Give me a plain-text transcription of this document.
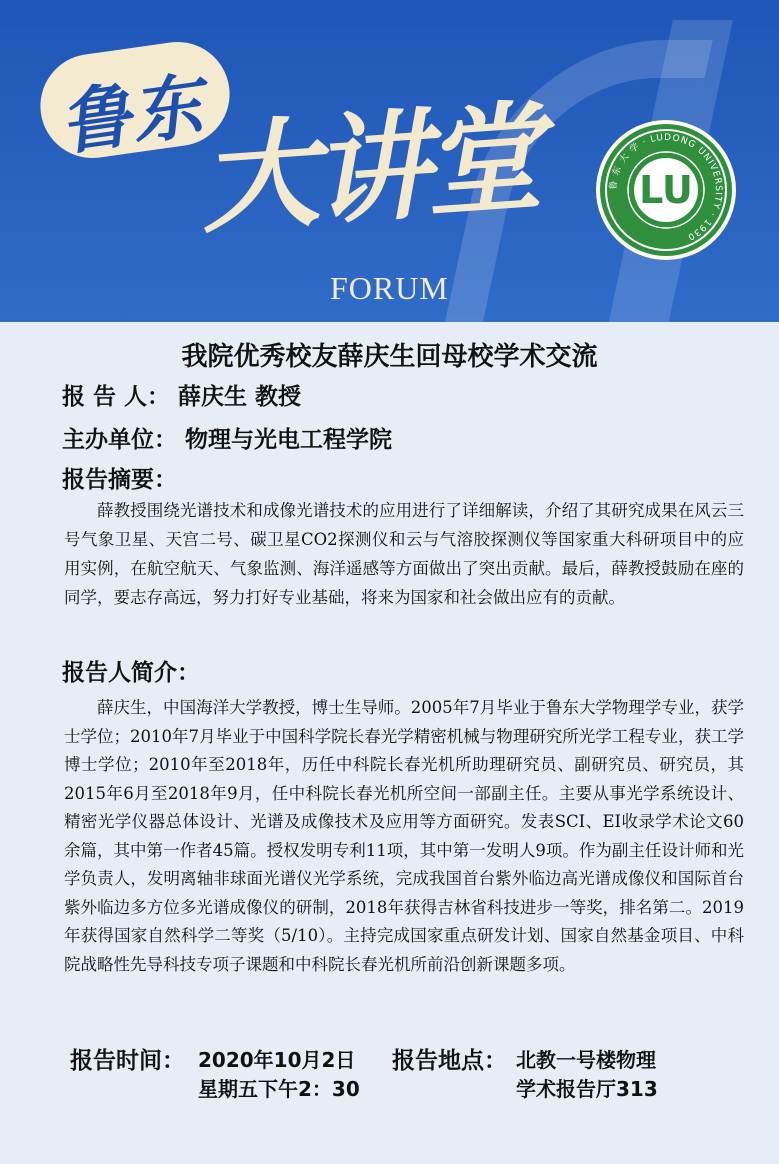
鲁东
大讲堂
FORUM
鲁 东 大 学 · LUDONG UNIVERSITY · 1930
LU
我院优秀校友薛庆生回母校学术交流
报 告 人： 薛庆生 教授
主办单位： 物理与光电工程学院
报告摘要：
薛教授围绕光谱技术和成像光谱技术的应用进行了详细解读，介绍了其研究成果在风云三号气象卫星、天宫二号、碳卫星CO2探测仪和云与气溶胶探测仪等国家重大科研项目中的应用实例，在航空航天、气象监测、海洋遥感等方面做出了突出贡献。最后，薛教授鼓励在座的同学，要志存高远，努力打好专业基础，将来为国家和社会做出应有的贡献。
报告人简介：
薛庆生，中国海洋大学教授，博士生导师。2005年7月毕业于鲁东大学物理学专业，获学士学位；2010年7月毕业于中国科学院长春光学精密机械与物理研究所光学工程专业，获工学博士学位；2010年至2018年，历任中科院长春光机所助理研究员、副研究员、研究员，其2015年6月至2018年9月，任中科院长春光机所空间一部副主任。主要从事光学系统设计、精密光学仪器总体设计、光谱及成像技术及应用等方面研究。发表SCI、EI收录学术论文60余篇，其中第一作者45篇。授权发明专利11项，其中第一发明人9项。作为副主任设计师和光学负责人，发明离轴非球面光谱仪光学系统，完成我国首台紫外临边高光谱成像仪和国际首台紫外临边多方位多光谱成像仪的研制，2018年获得吉林省科技进步一等奖，排名第二。2019年获得国家自然科学二等奖（5/10）。主持完成国家重点研发计划、国家自然基金项目、中科院战略性先导科技专项子课题和中科院长春光机所前沿创新课题多项。
报告时间： 2020年10月2日
星期五下午2：30
报告地点： 北教一号楼物理
学术报告厅313
